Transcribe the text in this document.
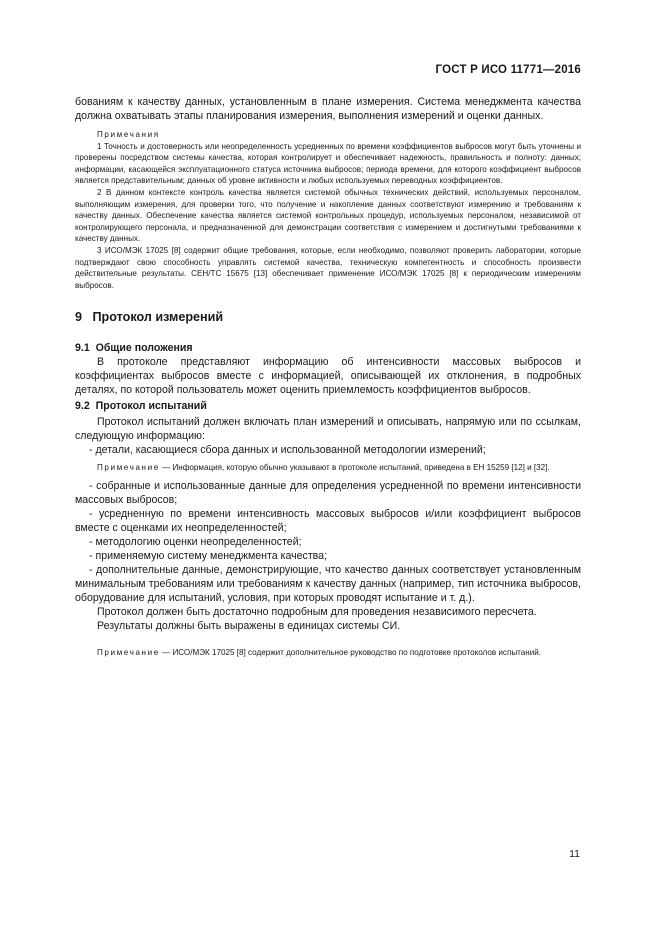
ГОСТ Р ИСО 11771—2016

бованиям к качеству данных, установленным в плане измерения. Система менеджмента качества должна охватывать этапы планирования измерения, выполнения измерений и оценки данных.

Примечания

1 Точность и достоверность или неопределенность усредненных по времени коэффициентов выбросов могут быть уточнены и проверены посредством системы качества, которая контролирует и обеспечивает надежность, правильность и полноту: данных; информации, касающейся эксплуатационного статуса источника выбросов; периода времени, для которого коэффициент выбросов является представительным; данных об уровне активности и любых используемых переводных коэффициентов.

2 В данном контексте контроль качества является системой обычных технических действий, используемых персоналом, выполняющим измерения, для проверки того, что получение и накопление данных соответствуют измерению и требованиям к качеству данных. Обеспечение качества является системой контрольных процедур, используемых персоналом, независимой от контролирующего персонала, и предназначенной для демонстрации соответствия с измерением и достигнутыми требованиями к качеству данных.

3 ИСО/МЭК 17025 [8] содержит общие требования, которые, если необходимо, позволяют проверить лаборатории, которые подтверждают свою способность управлять системой качества, техническую компетентность и способность произвести действительные результаты. CEH/TC 15675 [13] обеспечивает применение ИСО/МЭК 17025 [8] к периодическим измерениям выбросов.

9 Протокол измерений
9.1 Общие положения

В протоколе представляют информацию об интенсивности массовых выбросов и коэффициентах выбросов вместе с информацией, описывающей их отклонения, в подробных деталях, по которой пользователь может оценить приемлемость коэффициентов выбросов.

9.2 Протокол испытаний

Протокол испытаний должен включать план измерений и описывать, напрямую или по ссылкам, следующую информацию:

- детали, касающиеся сбора данных и использованной методологии измерений;

Примечание — Информация, которую обычно указывают в протоколе испытаний, приведена в ЕН 15259 [12] и [32].

- собранные и использованные данные для определения усредненной по времени интенсивности массовых выбросов;

- усредненную по времени интенсивность массовых выбросов и/или коэффициент выбросов вместе с оценками их неопределенностей;

- методологию оценки неопределенностей;

- применяемую систему менеджмента качества;

- дополнительные данные, демонстрирующие, что качество данных соответствует установленным минимальным требованиям или требованиям к качеству данных (например, тип источника выбросов, оборудование для испытаний, условия, при которых проводят испытание и т. д.).

Протокол должен быть достаточно подробным для проведения независимого пересчета.

Результаты должны быть выражены в единицах системы СИ.

Примечание — ИСО/МЭК 17025 [8] содержит дополнительное руководство по подготовке протоколов испытаний.

11
